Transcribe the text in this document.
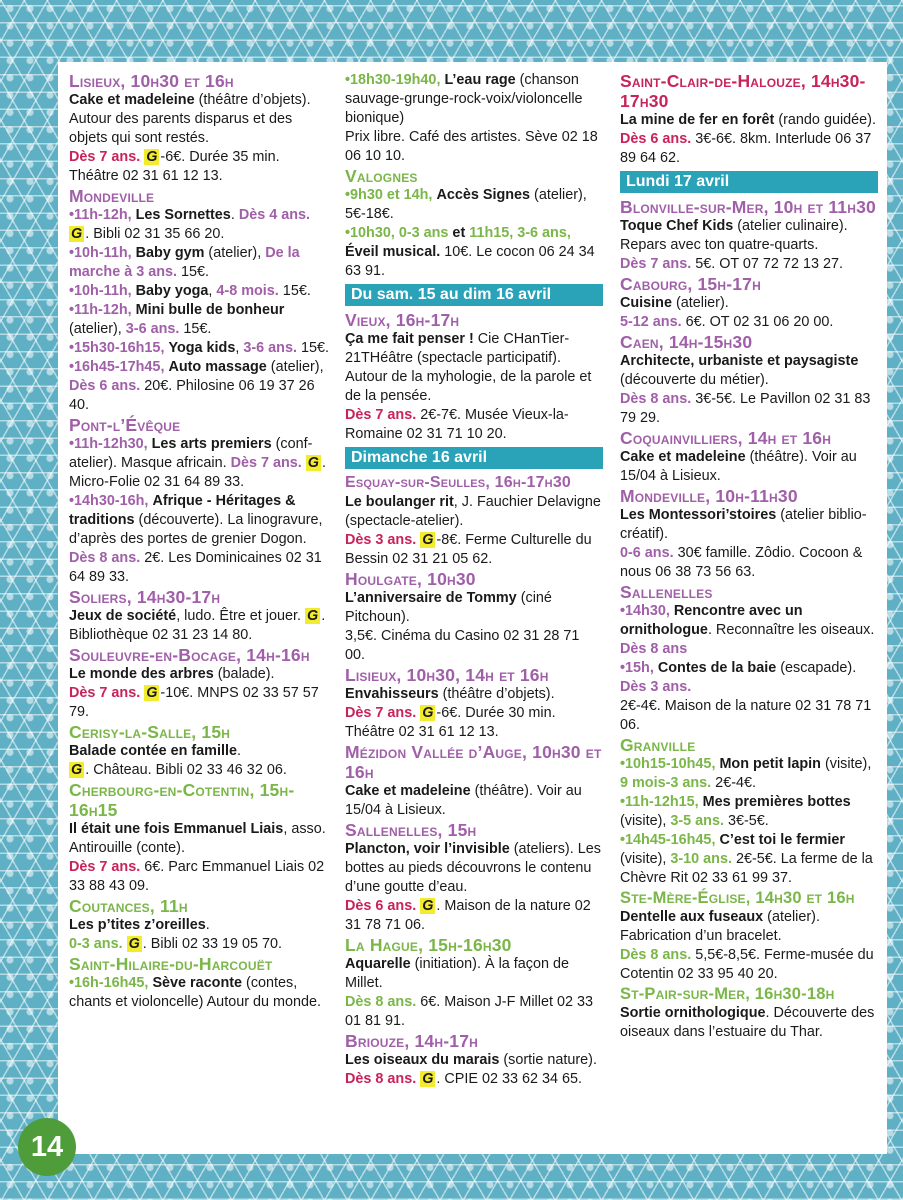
Lisieux, 10h30 et 16h

Cake et madeleine (théâtre d’objets).
Autour des parents disparus et des objets qui sont restés.
Dès 7 ans. G -6€. Durée 35 min. Théâtre 02 31 61 12 13.

Mondeville

•11h-12h, Les Sornettes. Dès 4 ans. G . Bibli 02 31 35 66 20.

•10h-11h, Baby gym (atelier), De la marche à 3 ans. 15€.

•10h-11h, Baby yoga, 4-8 mois. 15€.

•11h-12h, Mini bulle de bonheur (atelier), 3-6 ans. 15€.

•15h30-16h15, Yoga kids, 3-6 ans. 15€.

•16h45-17h45, Auto massage (atelier), Dès 6 ans. 20€. Philosine 06 19 37 26 40.

Pont-l’Évêque

•11h-12h30, Les arts premiers (conf-atelier). Masque africain. Dès 7 ans. G . Micro-Folie 02 31 64 89 33.

•14h30-16h, Afrique - Héritages & traditions (découverte). La linogravure, d’après des portes de grenier Dogon. Dès 8 ans. 2€. Les Dominicaines 02 31 64 89 33.

Soliers, 14h30-17h

Jeux de société, ludo. Être et jouer. G . Bibliothèque 02 31 23 14 80.

Souleuvre-en-Bocage, 14h-16h

Le monde des arbres (balade).
Dès 7 ans. G -10€. MNPS 02 33 57 57 79.

Cerisy-la-Salle, 15h

Balade contée en famille.
G . Château. Bibli 02 33 46 32 06.

Cherbourg-en-Cotentin, 15h-16h15

Il était une fois Emmanuel Liais, asso. Antirouille (conte).
Dès 7 ans. 6€. Parc Emmanuel Liais 02 33 88 43 09.

Coutances, 11h

Les p’tites z’oreilles.
0-3 ans. G . Bibli 02 33 19 05 70.

Saint-Hilaire-du-Harcouët

•16h-16h45, Sève raconte (contes, chants et violoncelle) Autour du monde.

•18h30-19h40, L’eau rage (chanson sauvage-grunge-rock-voix/violoncelle bionique)
Prix libre. Café des artistes. Sève 02 18 06 10 10.

Valognes

•9h30 et 14h, Accès Signes (atelier), 5€-18€.

•10h30, 0-3 ans et 11h15, 3-6 ans, Éveil musical. 10€. Le cocon 06 24 34 63 91.

Du sam. 15 au dim 16 avril

Vieux, 16h-17h

Ça me fait penser ! Cie CHanTier-21THéâtre (spectacle participatif). Autour de la myhologie, de la parole et de la pensée.
Dès 7 ans. 2€-7€. Musée Vieux-la-Romaine 02 31 71 10 20.

Dimanche 16 avril

Esquay-sur-Seulles, 16h-17h30

Le boulanger rit, J. Fauchier Delavigne (spectacle-atelier).
Dès 3 ans. G -8€. Ferme Culturelle du Bessin 02 31 21 05 62.

Houlgate, 10h30

L’anniversaire de Tommy (ciné Pitchoun).
3,5€. Cinéma du Casino 02 31 28 71 00.

Lisieux, 10h30, 14h et 16h

Envahisseurs (théâtre d’objets).
Dès 7 ans. G -6€. Durée 30 min. Théâtre 02 31 61 12 13.

Mézidon Vallée d’Auge, 10h30 et 16h

Cake et madeleine (théâtre). Voir au 15/04 à Lisieux.

Sallenelles, 15h

Plancton, voir l’invisible (ateliers). Les bottes au pieds découvrons le contenu d’une goutte d’eau.
Dès 6 ans. G . Maison de la nature 02 31 78 71 06.

La Hague, 15h-16h30

Aquarelle (initiation). À la façon de Millet.
Dès 8 ans. 6€. Maison J-F Millet 02 33 01 81 91.

Briouze, 14h-17h

Les oiseaux du marais (sortie nature).
Dès 8 ans. G . CPIE 02 33 62 34 65.

Saint-Clair-de-Halouze, 14h30-17h30

La mine de fer en forêt (rando guidée).
Dès 6 ans. 3€-6€. 8km. Interlude 06 37 89 64 62.

Lundi 17 avril

Blonville-sur-Mer, 10h et 11h30

Toque Chef Kids (atelier culinaire). Repars avec ton quatre-quarts.
Dès 7 ans. 5€. OT 07 72 72 13 27.

Cabourg, 15h-17h

Cuisine (atelier).
5-12 ans. 6€. OT 02 31 06 20 00.

Caen, 14h-15h30

Architecte, urbaniste et paysagiste (découverte du métier).
Dès 8 ans. 3€-5€. Le Pavillon 02 31 83 79 29.

Coquainvilliers, 14h et 16h

Cake et madeleine (théâtre). Voir au 15/04 à Lisieux.

Mondeville, 10h-11h30

Les Montessori’stoires (atelier biblio-créatif).
0-6 ans. 30€ famille. Zôdio. Cocoon & nous 06 38 73 56 63.

Sallenelles

•14h30, Rencontre avec un ornithologue. Reconnaître les oiseaux. Dès 8 ans

•15h, Contes de la baie (escapade). Dès 3 ans.
2€-4€. Maison de la nature 02 31 78 71 06.

Granville

•10h15-10h45, Mon petit lapin (visite), 9 mois-3 ans. 2€-4€.

•11h-12h15, Mes premières bottes (visite), 3-5 ans. 3€-5€.

•14h45-16h45, C’est toi le fermier (visite), 3-10 ans. 2€-5€. La ferme de la Chèvre Rit 02 33 61 99 37.

Ste-Mère-Église, 14h30 et 16h

Dentelle aux fuseaux (atelier). Fabrication d’un bracelet.
Dès 8 ans. 5,5€-8,5€. Ferme-musée du Cotentin 02 33 95 40 20.

St-Pair-sur-Mer, 16h30-18h

Sortie ornithologique. Découverte des oiseaux dans l’estuaire du Thar.

14
